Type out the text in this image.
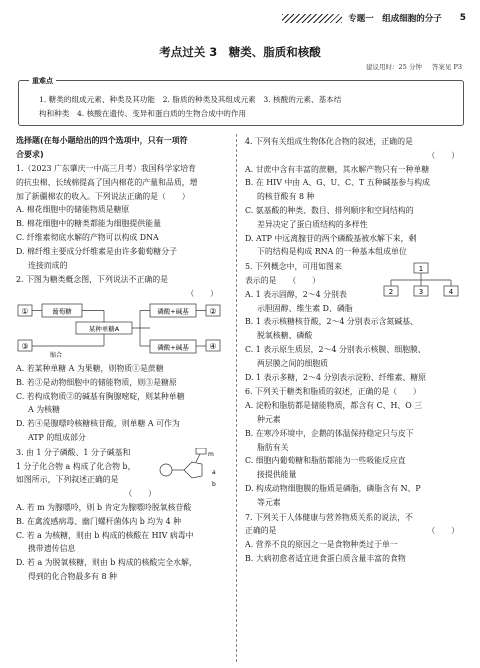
专题一　组成细胞的分子 5
考点过关 3　糖类、脂质和核酸
建议用时：25 分钟 答案见 P3
重难点

1. 糖类的组成元素、种类及其功能　2. 脂质的种类及其组成元素　3. 核酸的元素、基本结

构和种类　4. 核酸在遗传、变异和蛋白质的生物合成中的作用

选择题(在每小题给出的四个选项中，只有一项符
合要求)
1.（2023 广东肇庆一中高三月考）我国科学家培育
的抗虫棉、长绒棉提高了国内棉花的产量和品质，增
加了新疆棉农的收入。下列说法正确的是（　　）
A. 棉花细胞中的储能物质是糖原
B. 棉花细胞中的糖类都能为细胞提供能量
C. 纤维素彻底水解的产物可以构成 DNA
D. 棉纤维主要成分纤维素是由许多葡萄糖分子
连接而成的
2. 下图为糖类概念图，下列说法不正确的是
（　　）
①	葡萄糖
某种单糖A
磷酸+碱基	②
③
缩合
磷酸+碱基	④
A. 若某种单糖 A 为果糖，则物质①是蔗糖
B. 若③是动物细胞中的储能物质，则③是糖原
C. 若构成物质②的碱基有胸腺嘧啶，则某种单糖
A 为核糖
D. 若④是腺嘌呤核糖核苷酸，则单糖 A 可作为
ATP 的组成部分
m
a
b
3. 由 1 分子磷酸、1 分子碱基和
1 分子化合物 a 构成了化合物 b，
如图所示，下列叙述正确的是
（　　）
A. 若 m 为腺嘌呤，则 b 肯定为腺嘌呤脱氧核苷酸
B. 在禽流感病毒、幽门螺杆菌体内 b 均为 4 种
C. 若 a 为核糖，则由 b 构成的核酸在 HIV 病毒中
携带遗传信息
D. 若 a 为脱氧核糖，则由 b 构成的核酸完全水解，
得到的化合物最多有 8 种
4. 下列有关组成生物体化合物的叙述，正确的是
（　　）
A. 甘蔗中含有丰富的蔗糖，其水解产物只有一种单糖
B. 在 HIV 中由 A、G、U、C、T 五种碱基参与构成
的核苷酸有 8 种
C. 氨基酸的种类、数目、排列顺序和空间结构的
差异决定了蛋白质结构的多样性
D. ATP 中远离腺苷的两个磷酸基被水解下来，剩
下的结构是构成 RNA 的一种基本组成单位
1
2	3	4
5. 下列概念中，可用如图来
表示的是　　（　　）
A. 1 表示固醇，2～4 分别表
示胆固醇、维生素 D、磷脂
B. 1 表示核糖核苷酸，2～4 分别表示含氮碱基、
脱氧核糖、磷酸
C. 1 表示原生质层，2～4 分别表示核膜、细胞膜、
两层膜之间的细胞质
D. 1 表示多糖，2～4 分别表示淀粉、纤维素、糖原
6. 下列关于糖类和脂质的叙述，正确的是（　　）
A. 淀粉和脂肪都是储能物质，都含有 C、H、O 三
种元素
B. 在寒冷环境中，企鹅的体温保持稳定只与皮下
脂肪有关
C. 细胞内葡萄糖和脂肪都能为一些吸能反应直
接提供能量
D. 构成动物细胞膜的脂质是磷脂，磷脂含有 N、P
等元素
7. 下列关于人体健康与营养物质关系的说法，不
正确的是	（　　）
A. 营养不良的原因之一是食物种类过于单一
B. 大病初愈者适宜进食蛋白质含量丰富的食物
